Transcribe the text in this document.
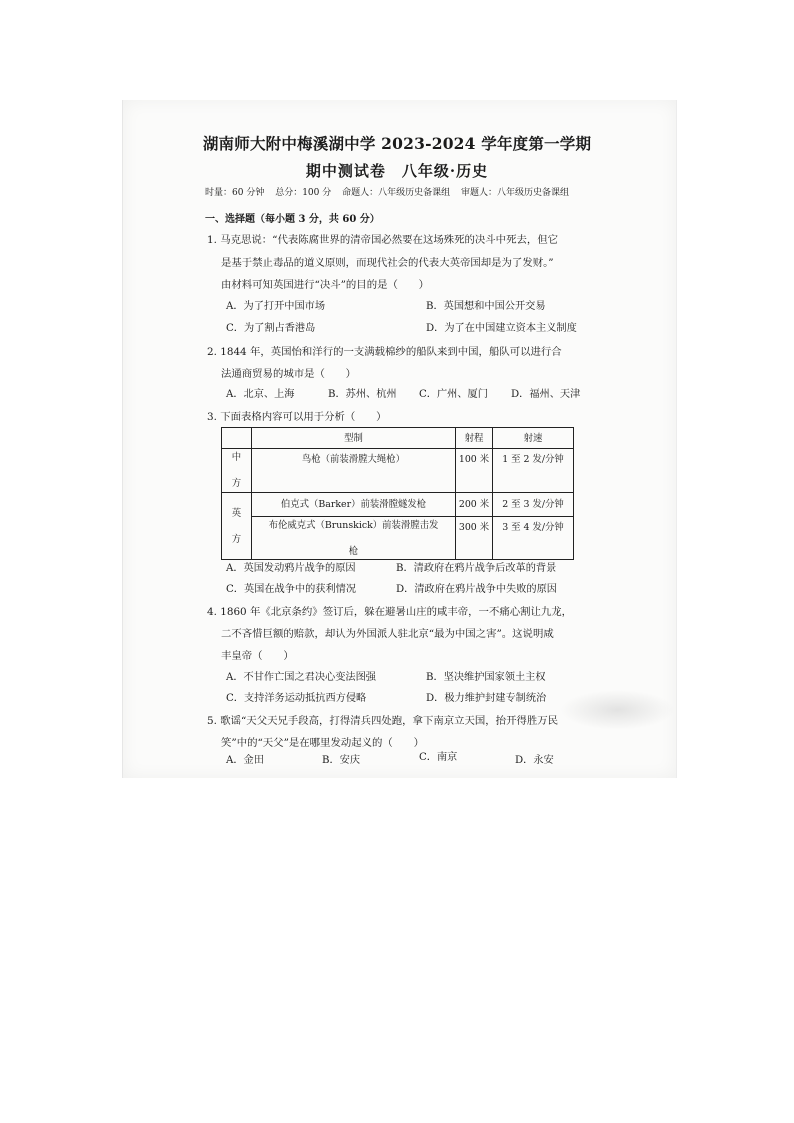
湖南师大附中梅溪湖中学 2023-2024 学年度第一学期
期中测试卷　八年级·历史
时量：60 分钟 总分：100 分 命题人：八年级历史备课组 审题人：八年级历史备课组
一、选择题（每小题 3 分，共 60 分）
1. 马克思说：“代表陈腐世界的清帝国必然要在这场殊死的决斗中死去，但它
是基于禁止毒品的道义原则，而现代社会的代表大英帝国却是为了发财。”
由材料可知英国进行“决斗”的目的是（　　）
A．为了打开中国市场	B．英国想和中国公开交易
C．为了割占香港岛	D．为了在中国建立资本主义制度
2. 1844 年，英国怡和洋行的一支满载棉纱的船队来到中国，船队可以进行合
法通商贸易的城市是（　　）
A．北京、上海	B．苏州、杭州 C．广州、厦门 D．福州、天津
3. 下面表格内容可以用于分析（　　）
	型制	射程	射速
中

方	鸟枪（前装滑膛大绳枪）	100 米	1 至 2 发/分钟
英

方	伯克式（Barker）前装滑膛燧发枪	200 米	2 至 3 发/分钟
	布伦威克式（Brunskick）前装滑膛击发

枪	300 米	3 至 4 发/分钟
A．英国发动鸦片战争的原因	B．清政府在鸦片战争后改革的背景
C．英国在战争中的获利情况	D．清政府在鸦片战争中失败的原因
4. 1860 年《北京条约》签订后，躲在避暑山庄的咸丰帝，一不痛心割让九龙，
二不吝惜巨额的赔款，却认为外国派人驻北京“最为中国之害”。这说明咸
丰皇帝（　　）
A．不甘作亡国之君决心变法图强	B．坚决维护国家领土主权
C．支持洋务运动抵抗西方侵略	D．极力维护封建专制统治
5. 歌谣“天父天兄手段高，打得清兵四处跑，拿下南京立天国，抬开得胜万民
笑”中的“天父”是在哪里发动起义的（　　）
A．金田	B．安庆	C．南京	D．永安
